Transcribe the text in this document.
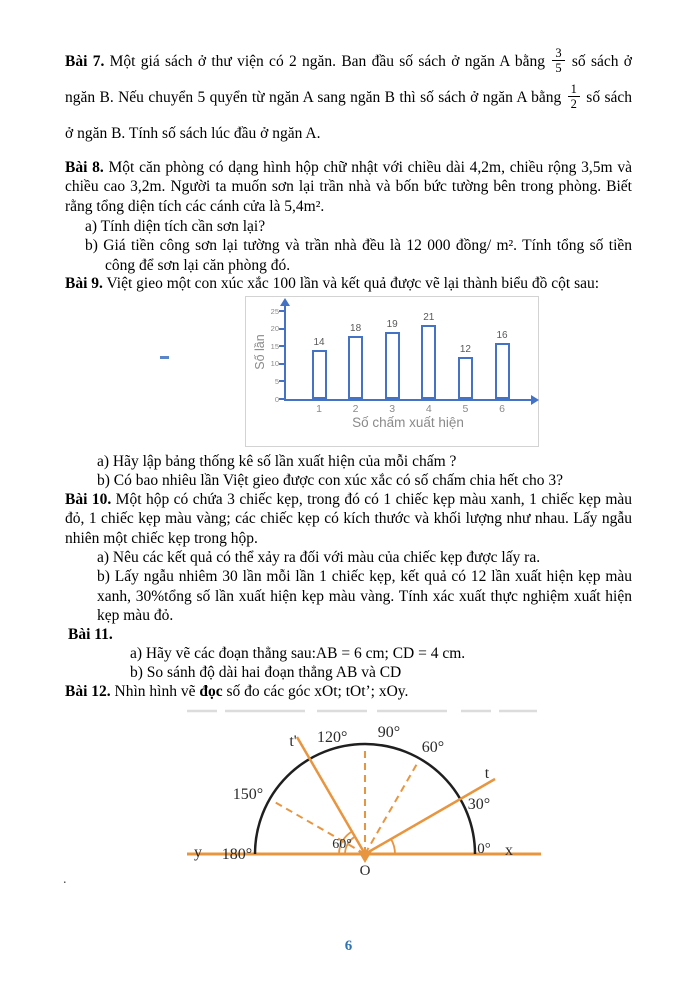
Bài 7. Một giá sách ở thư viện có 2 ngăn. Ban đầu số sách ở ngăn A bằng $\frac{3}{5}$ số sách ở ngăn B. Nếu chuyển 5 quyển từ ngăn A sang ngăn B thì số sách ở ngăn A bằng $\frac{1}{2}$ số sách ở ngăn B. Tính số sách lúc đầu ở ngăn A.
Bài 8. Một căn phòng có dạng hình hộp chữ nhật với chiều dài 4,2m, chiều rộng 3,5m và chiều cao 3,2m. Người ta muốn sơn lại trần nhà và bốn bức tường bên trong phòng. Biết rằng tổng diện tích các cánh cửa là 5,4m².
a) Tính diện tích cần sơn lại?
b) Giá tiền công sơn lại tường và trần nhà đều là 12 000 đồng/ m². Tính tổng số tiền công để sơn lại căn phòng đó.
Bài 9. Việt gieo một con xúc xắc 100 lần và kết quả được vẽ lại thành biểu đồ cột sau:
Số lần
0
5
10
15
20
25
14
1
18
2
19
3
21
4
12
5
16
6
Số chấm xuất hiện
a) Hãy lập bảng thống kê số lần xuất hiện của mỗi chấm ?
b) Có bao nhiêu lần Việt gieo được con xúc xắc có số chấm chia hết cho 3?
Bài 10. Một hộp có chứa 3 chiếc kẹp, trong đó có 1 chiếc kẹp màu xanh, 1 chiếc kẹp màu đỏ, 1 chiếc kẹp màu vàng; các chiếc kẹp có kích thước và khối lượng như nhau. Lấy ngẫu nhiên một chiếc kẹp trong hộp.
a) Nêu các kết quả có thể xảy ra đối với màu của chiếc kẹp được lấy ra.
b) Lấy ngẫu nhiêm 30 lần mỗi lần 1 chiếc kẹp, kết quả có 12 lần xuất hiện kẹp màu xanh, 30%tổng số lần xuất hiện kẹp màu vàng. Tính xác xuất thực nghiệm xuất hiện kẹp màu đỏ.
Bài 11.
a) Hãy vẽ các đoạn thẳng sau:AB = 6 cm; CD = 4 cm.
b) So sánh độ dài hai đoạn thẳng AB và CD
Bài 12. Nhìn hình vẽ đọc số đo các góc xOt; tOt’; xOy.
t' 120° 90°
60°
150°
t
30°
y 180°
60°	0° x
O
.
6
